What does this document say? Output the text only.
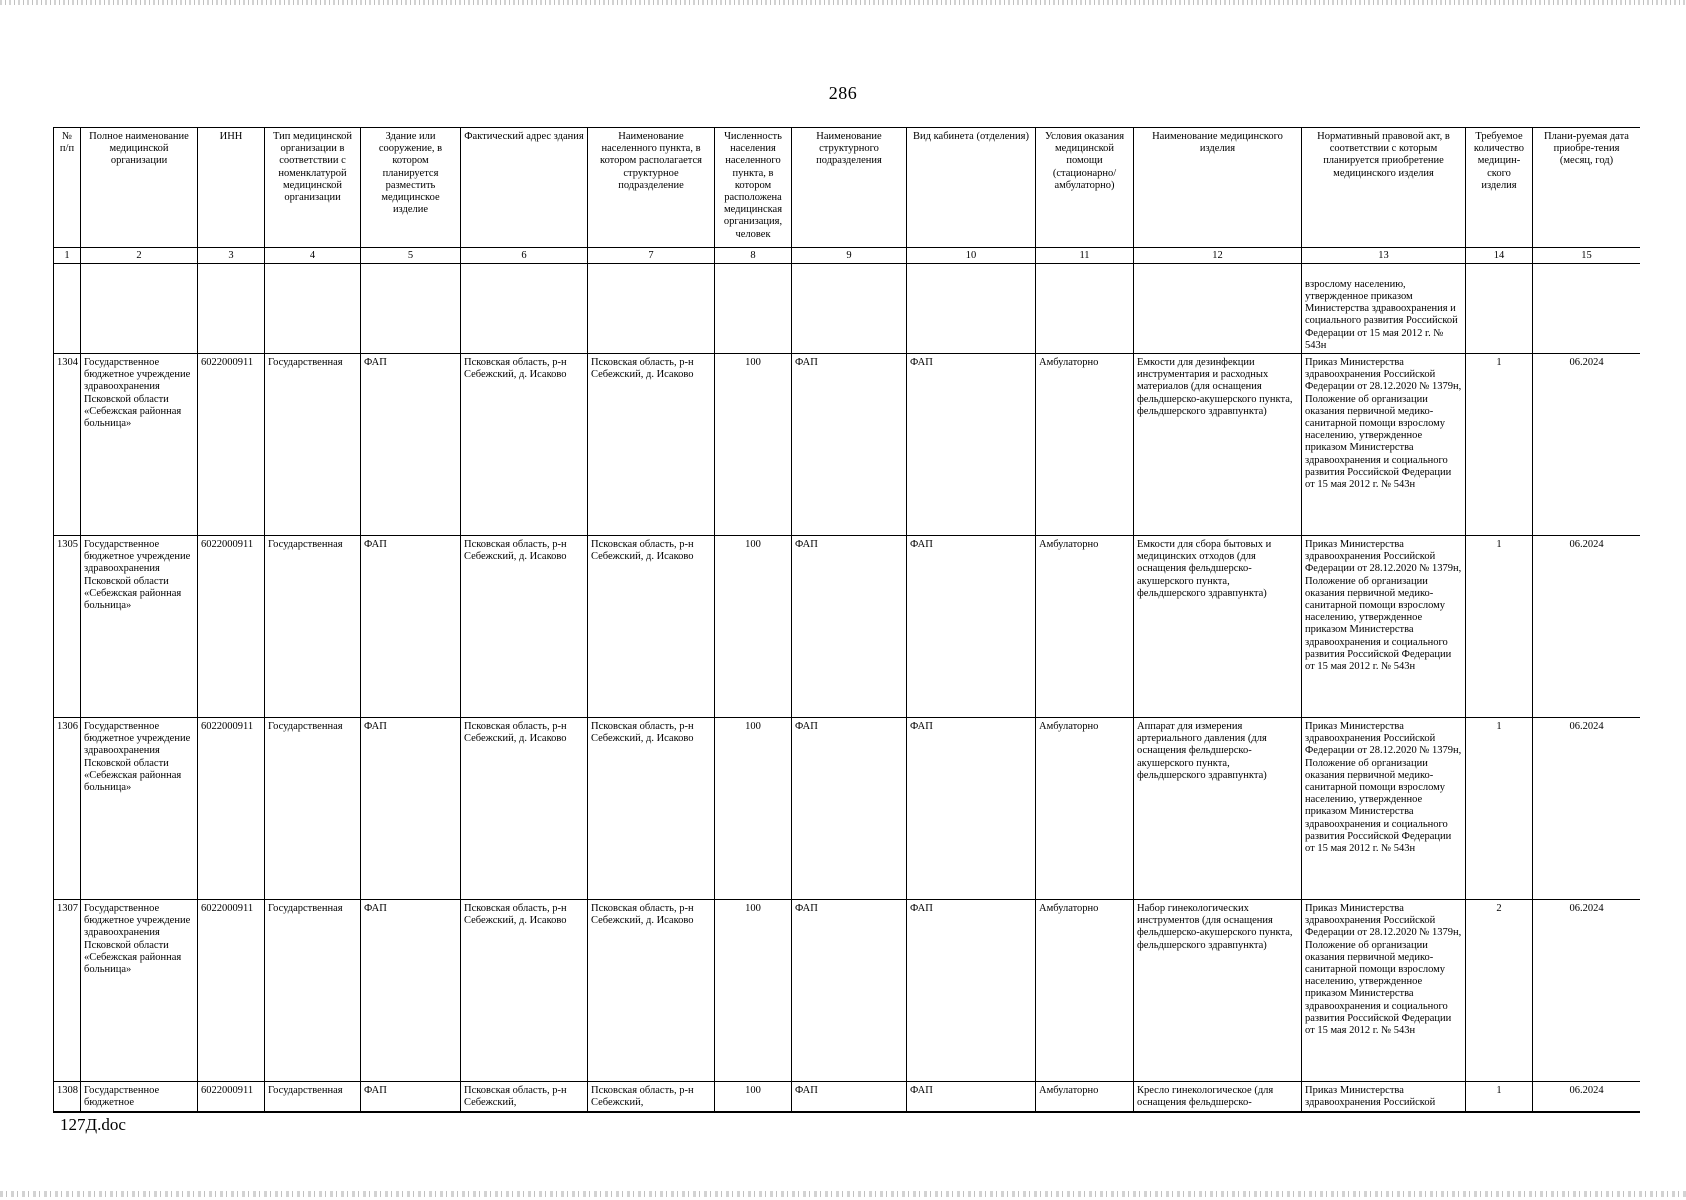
286
№ п/п	Полное наименование медицинской организации	ИНН	Тип медицинской организации в соответствии с номенклатурой медицинской организации	Здание или сооружение, в котором планируется разместить медицинское изделие	Фактический адрес здания	Наименование населенного пункта, в котором располагается структурное подразделение	Численность населения населенного пункта, в котором расположена медицинская организация, человек	Наименование структурного подразделения	Вид кабинета (отделения)	Условия оказания медицинской помощи (стационарно/ амбулаторно)	Наименование медицинского изделия	Нормативный правовой акт, в соответствии с которым планируется приобретение медицинского изделия	Требуемое количество медицин-ского изделия	Плани-руемая дата приобре-тения (месяц, год)
1	2	3	4	5	6	7	8	9	10	11	12	13	14	15
												взрослому населению, утвержденное приказом Министерства здравоохранения и социального развития Российской Федерации от 15 мая 2012 г. № 543н		
1304	Государственное бюджетное учреждение здравоохранения Псковской области «Себежская районная больница»	6022000911	Государственная	ФАП	Псковская область, р-н Себежский, д. Исаково	Псковская область, р-н Себежский, д. Исаково	100	ФАП	ФАП	Амбулаторно	Емкости для дезинфекции инструментария и расходных материалов (для оснащения фельдшерско-акушерского пункта, фельдшерского здравпункта)	Приказ Министерства здравоохранения Российской Федерации от 28.12.2020 № 1379н, Положение об организации оказания первичной медико-санитарной помощи взрослому населению, утвержденное приказом Министерства здравоохранения и социального развития Российской Федерации от 15 мая 2012 г. № 543н	1	06.2024
1305	Государственное бюджетное учреждение здравоохранения Псковской области «Себежская районная больница»	6022000911	Государственная	ФАП	Псковская область, р-н Себежский, д. Исаково	Псковская область, р-н Себежский, д. Исаково	100	ФАП	ФАП	Амбулаторно	Емкости для сбора бытовых и медицинских отходов (для оснащения фельдшерско-акушерского пункта, фельдшерского здравпункта)	Приказ Министерства здравоохранения Российской Федерации от 28.12.2020 № 1379н, Положение об организации оказания первичной медико-санитарной помощи взрослому населению, утвержденное приказом Министерства здравоохранения и социального развития Российской Федерации от 15 мая 2012 г. № 543н	1	06.2024
1306	Государственное бюджетное учреждение здравоохранения Псковской области «Себежская районная больница»	6022000911	Государственная	ФАП	Псковская область, р-н Себежский, д. Исаково	Псковская область, р-н Себежский, д. Исаково	100	ФАП	ФАП	Амбулаторно	Аппарат для измерения артериального давления (для оснащения фельдшерско-акушерского пункта, фельдшерского здравпункта)	Приказ Министерства здравоохранения Российской Федерации от 28.12.2020 № 1379н, Положение об организации оказания первичной медико-санитарной помощи взрослому населению, утвержденное приказом Министерства здравоохранения и социального развития Российской Федерации от 15 мая 2012 г. № 543н	1	06.2024
1307	Государственное бюджетное учреждение здравоохранения Псковской области «Себежская районная больница»	6022000911	Государственная	ФАП	Псковская область, р-н Себежский, д. Исаково	Псковская область, р-н Себежский, д. Исаково	100	ФАП	ФАП	Амбулаторно	Набор гинекологических инструментов (для оснащения фельдшерско-акушерского пункта, фельдшерского здравпункта)	Приказ Министерства здравоохранения Российской Федерации от 28.12.2020 № 1379н, Положение об организации оказания первичной медико-санитарной помощи взрослому населению, утвержденное приказом Министерства здравоохранения и социального развития Российской Федерации от 15 мая 2012 г. № 543н	2	06.2024
1308	Государственное бюджетное	6022000911	Государственная	ФАП	Псковская область, р-н Себежский,	Псковская область, р-н Себежский,	100	ФАП	ФАП	Амбулаторно	Кресло гинекологическое (для оснащения фельдшерско-	Приказ Министерства здравоохранения Российской	1	06.2024
127Д.doc
